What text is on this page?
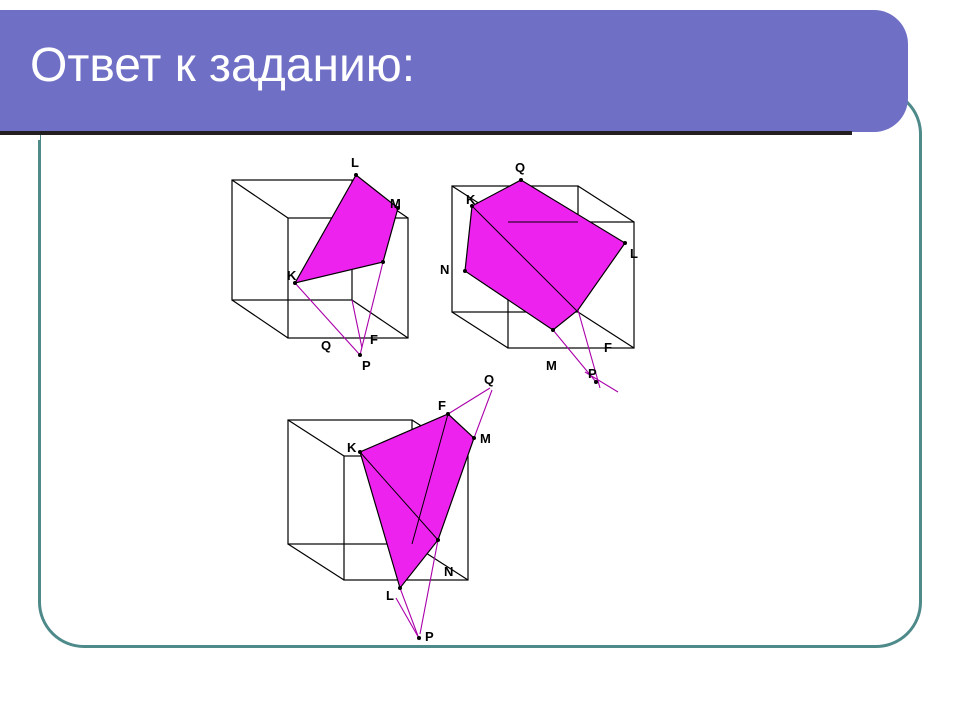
Ответ к заданию:
L
M
K
Q	F
P
Q
K
N
L
M
F
P
Q
F
K
M
N
L
P
